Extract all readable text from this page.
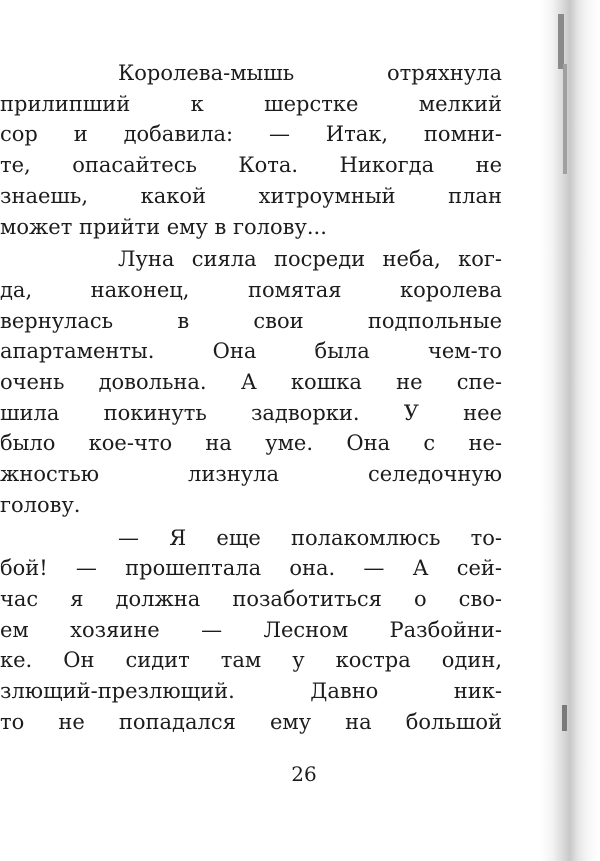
Королева-мышь отряхнула
прилипший к шерстке мелкий
сор и добавила: — Итак, помни-
те, опасайтесь Кота. Никогда не
знаешь, какой хитроумный план
может прийти ему в голову...
Луна сияла посреди неба, ког-
да, наконец, помятая королева
вернулась в свои подпольные
апартаменты. Она была чем-то
очень довольна. А кошка не спе-
шила покинуть задворки. У нее
было кое-что на уме. Она с не-
жностью лизнула селедочную
голову.
— Я еще полакомлюсь то-
бой! — прошептала она. — А сей-
час я должна позаботиться о сво-
ем хозяине — Лесном Разбойни-
ке. Он сидит там у костра один,
злющий-презлющий. Давно ник-
то не попадался ему на большой
26
